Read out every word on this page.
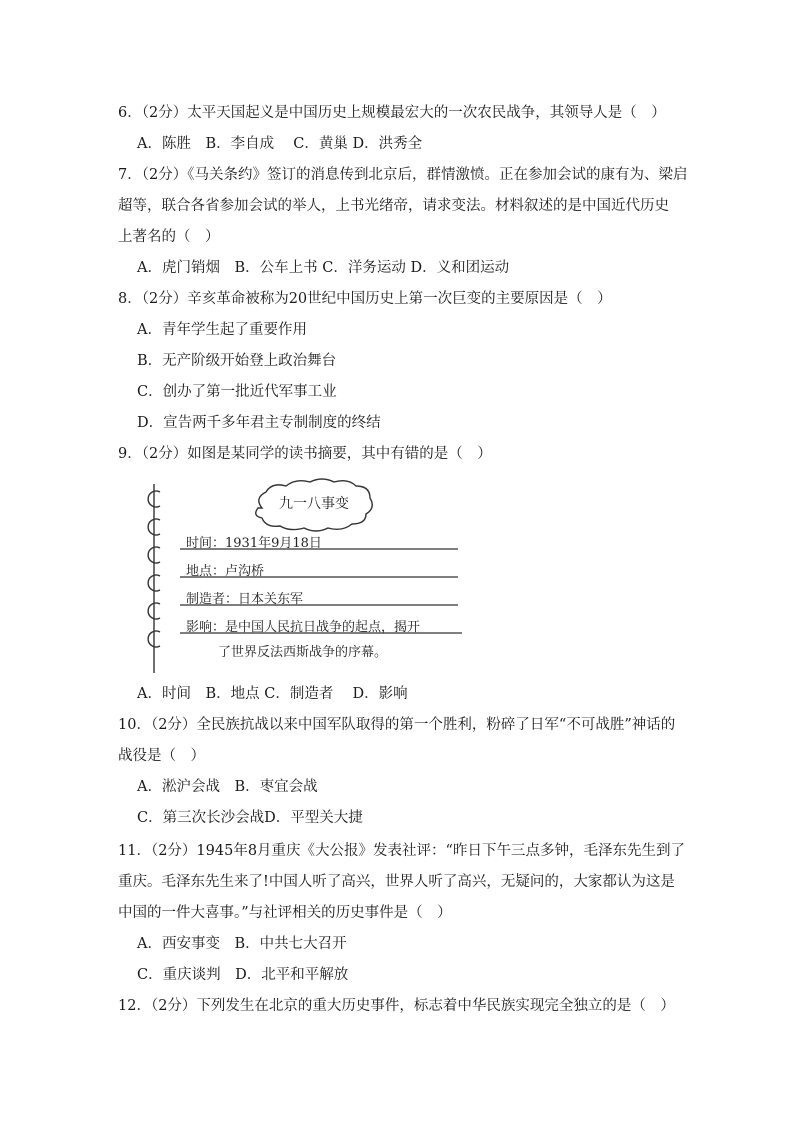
6．（2分）太平天国起义是中国历史上规模最宏大的一次农民战争，其领导人是（　）
A．陈胜　B．李自成　 C．黄巢 D．洪秀全
7．（2分）《马关条约》签订的消息传到北京后，群情激愤。正在参加会试的康有为、梁启
超等，联合各省参加会试的举人，上书光绪帝，请求变法。材料叙述的是中国近代历史
上著名的（　）
A．虎门销烟　B．公车上书 C．洋务运动 D．义和团运动
8．（2分）辛亥革命被称为20世纪中国历史上第一次巨变的主要原因是（　）
A．青年学生起了重要作用
B．无产阶级开始登上政治舞台
C．创办了第一批近代军事工业
D．宣告两千多年君主专制制度的终结
9．（2分）如图是某同学的读书摘要，其中有错的是（　）
九一八事变
时间：1931年9月18日
地点：卢沟桥
制造者：日本关东军
影响：是中国人民抗日战争的起点，揭开
了世界反法西斯战争的序幕。
A．时间　B．地点 C．制造者　 D．影响
10．（2分）全民族抗战以来中国军队取得的第一个胜利，粉碎了日军“不可战胜”神话的
战役是（　）
A．淞沪会战　B．枣宜会战
C．第三次长沙会战D．平型关大捷
11．（2分）1945年8月重庆《大公报》发表社评：“昨日下午三点多钟，毛泽东先生到了
重庆。毛泽东先生来了!中国人听了高兴，世界人听了高兴，无疑问的，大家都认为这是
中国的一件大喜事。”与社评相关的历史事件是（　）
A．西安事变　B．中共七大召开
C．重庆谈判　D．北平和平解放
12．（2分）下列发生在北京的重大历史事件，标志着中华民族实现完全独立的是（　）
